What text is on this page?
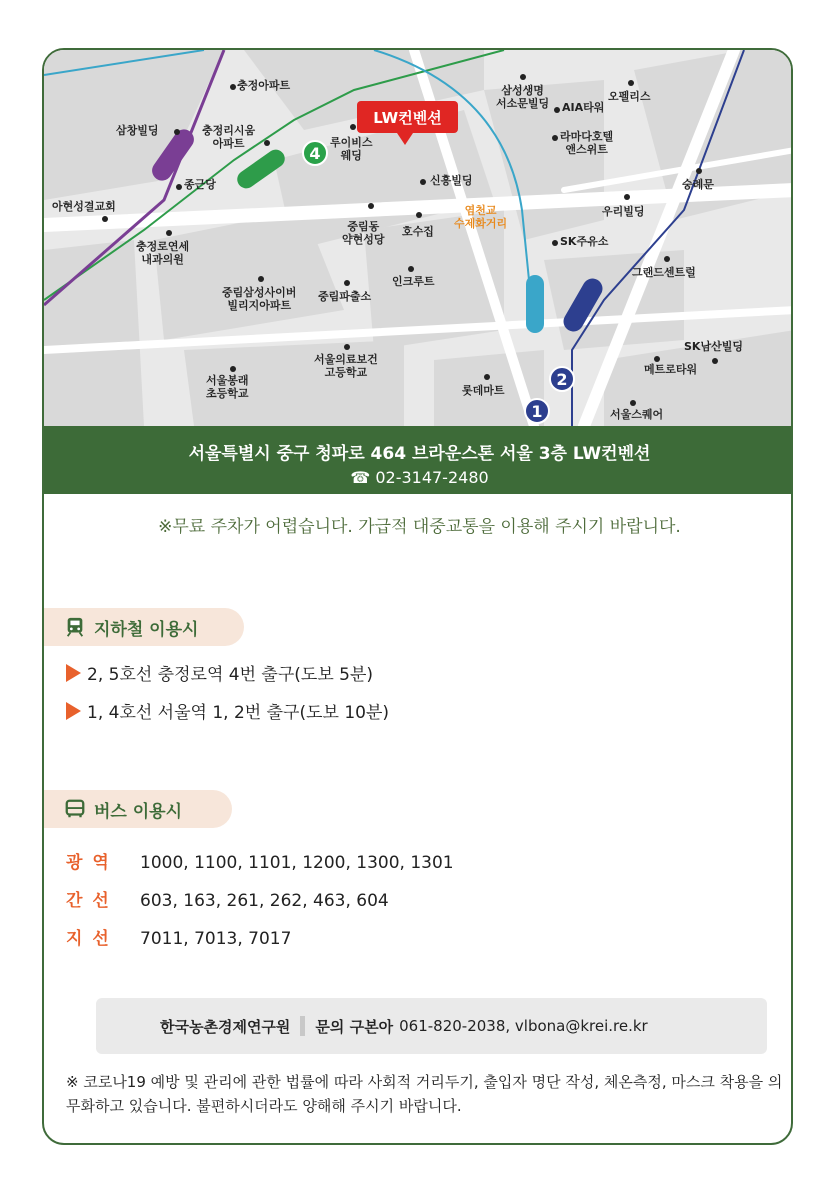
LW컨벤션
4
2
1
충정아파트
삼창빌딩	충정리시움
아파트	루이비스
웨딩
종근당
아현성결교회
충정로연세
내과의원
신흥빌딩
중림동
약현성당
호수집
염천교
수제화거리
중림삼성사이버
빌리지아파트
중림파출소
인크루트
서울의료보건
고등학교
서울봉래
초등학교	롯데마트
삼성생명
서소문빌딩 AIA타워
오펠리스
라마다호텔
앤스위트
숭례문
우리빌딩
SK주유소
그랜드센트럴
SK남산빌딩
메트로타워
서울스퀘어
서울특별시 중구 청파로 464 브라운스톤 서울 3층 LW컨벤션
☎ 02-3147-2480
※무료 주차가 어렵습니다. 가급적 대중교통을 이용해 주시기 바랍니다.
지하철 이용시
2, 5호선 충정로역 4번 출구(도보 5분)
1, 4호선 서울역 1, 2번 출구(도보 10분)
버스 이용시
광 역	1000, 1100, 1101, 1200, 1300, 1301
간 선	603, 163, 261, 262, 463, 604
지 선	7011, 7013, 7017
한국농촌경제연구원 문의 구본아 061-820-2038, vlbona@krei.re.kr
※ 코로나19 예방 및 관리에 관한 법률에 따라 사회적 거리두기, 출입자 명단 작성, 체온측정, 마스크 착용을 의무화하고 있습니다. 불편하시더라도 양해해 주시기 바랍니다.
